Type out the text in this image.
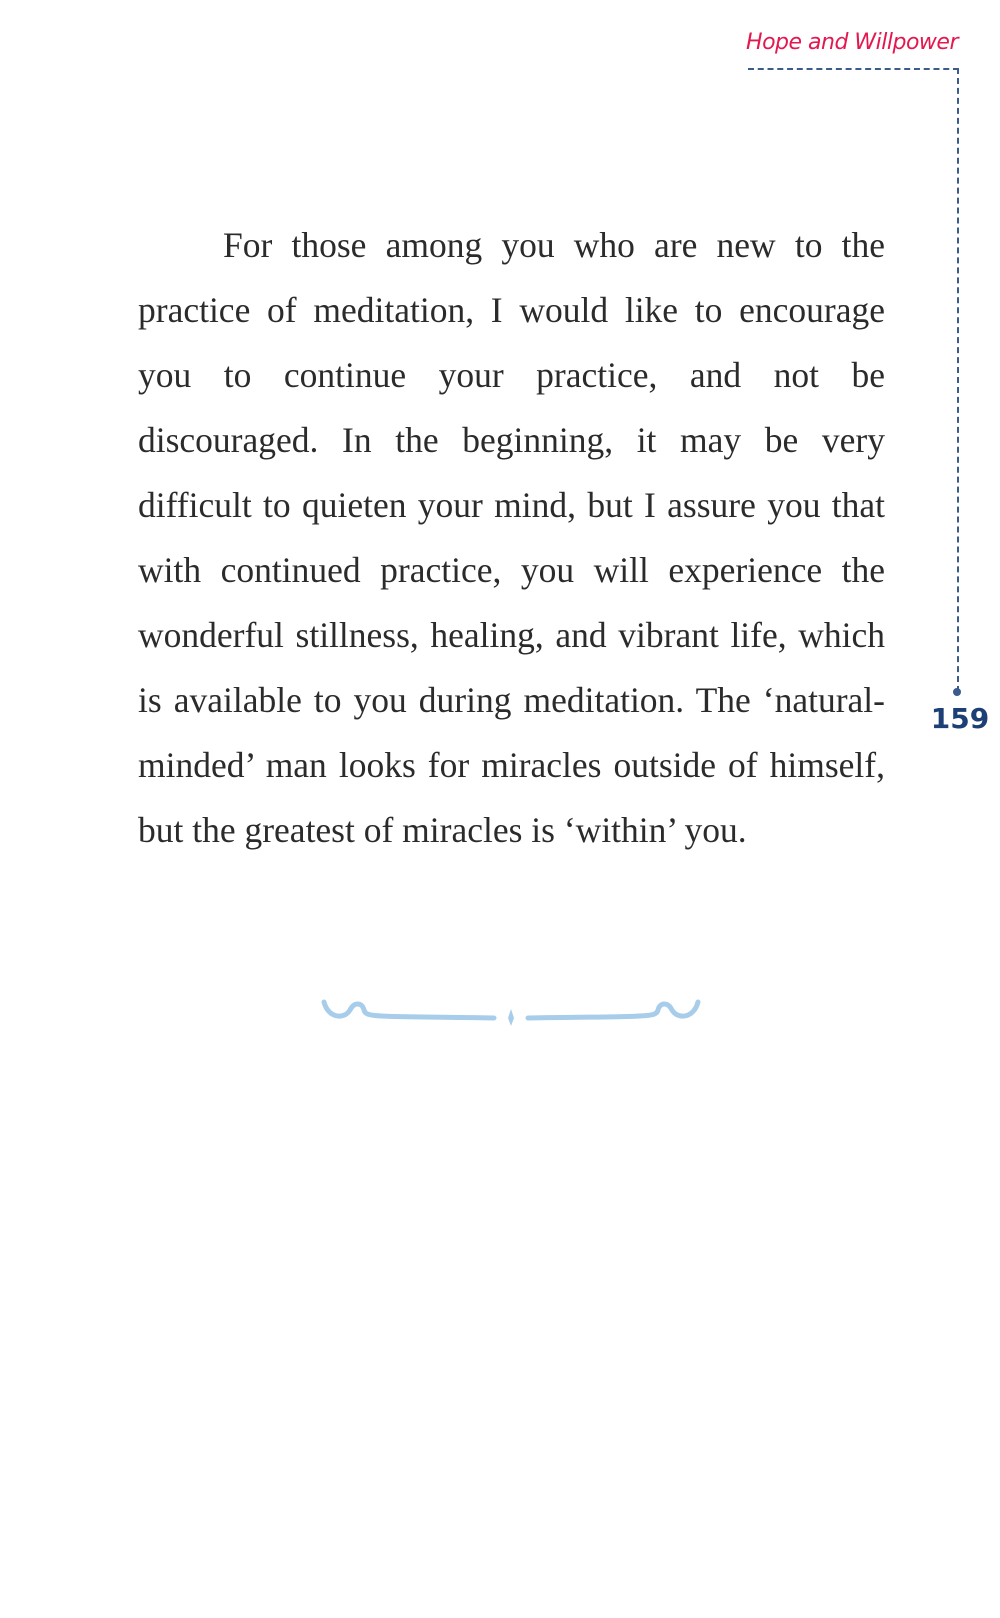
Hope and Willpower
159

For those among you who are new to the practice of meditation, I would like to encourage you to continue your practice, and not be discouraged. In the beginning, it may be very difficult to quieten your mind, but I assure you that with continued practice, you will experience the wonderful stillness, healing, and vibrant life, which is available to you during meditation. The ‘natural-minded’ man looks for miracles outside of himself, but the greatest of miracles is ‘within’ you.
